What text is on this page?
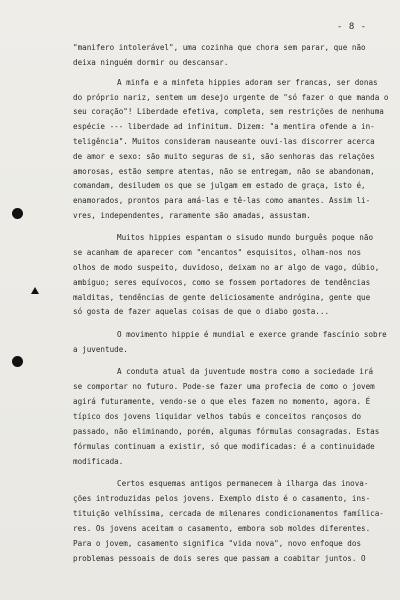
- 8 -
"manifero intolerável", uma cozinha que chora sem parar, que não
deixa ninguém dormir ou descansar.
A minfa e a minfeta hippies adoram ser francas, ser donas
do próprio nariz, sentem um desejo urgente de "só fazer o que manda o
seu coração"! Liberdade efetiva, completa, sem restrições de nenhuma
espécie --- liberdade ad infinitum. Dizem: "a mentira ofende a in-
teligência". Muitos consideram nauseante ouvi-las discorrer acerca
de amor e sexo: são muito seguras de si, são senhoras das relações
amorosas, estão sempre atentas, não se entregam, não se abandonam,
comandam, desiludem os que se julgam em estado de graça, isto é,
enamorados, prontos para amá-las e tê-las como amantes. Assim li-
vres, independentes, raramente são amadas, assustam.
Muitos hippies espantam o sisudo mundo burguês poque não
se acanham de aparecer com "encantos" esquisitos, olham-nos nos
olhos de modo suspeito, duvidoso, deixam no ar algo de vago, dúbio,
ambíguo; seres equívocos, como se fossem portadores de tendências
malditas, tendências de gente deliciosamente andrógina, gente que
só gosta de fazer aquelas coisas de que o diabo gosta...
O movimento hippie é mundial e exerce grande fascínio sobre
a juventude.
A conduta atual da juventude mostra como a sociedade irá
se comportar no futuro. Pode-se fazer uma profecia de como o jovem
agirá futuramente, vendo-se o que eles fazem no momento, agora. É
típico dos jovens liquidar velhos tabús e conceitos rançosos do
passado, não eliminando, porém, algumas fórmulas consagradas. Estas
fórmulas continuam a existir, só que modificadas: é a continuidade
modificada.
Certos esquemas antigos permanecem à ilharga das inova-
ções introduzidas pelos jovens. Exemplo disto é o casamento, ins-
tituição velhíssima, cercada de milenares condicionamentos famílica-
res. Os jovens aceitam o casamento, embora sob moldes diferentes.
Para o jovem, casamento significa "vida nova", novo enfoque dos
problemas pessoais de dois seres que passam a coabitar juntos. O
